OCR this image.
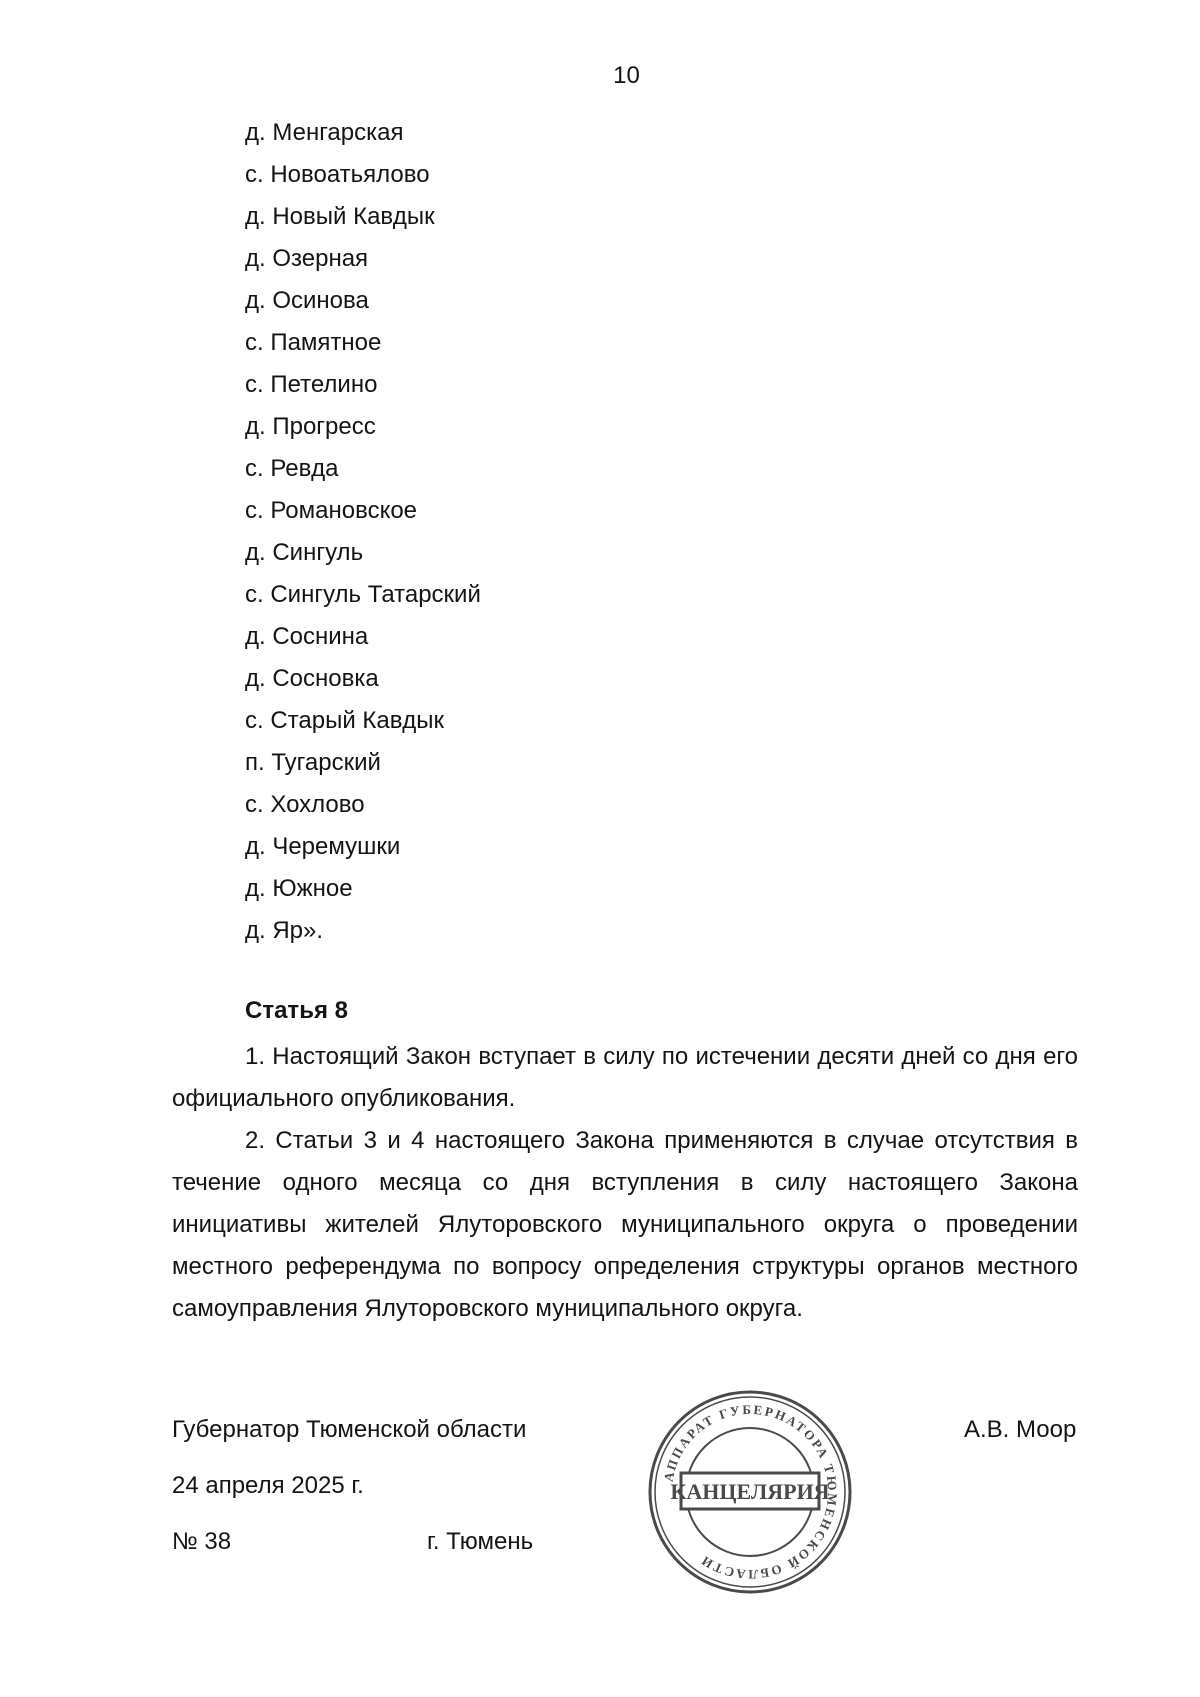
10
д. Менгарская
с. Новоатьялово
д. Новый Кавдык
д. Озерная
д. Осинова
с. Памятное
с. Петелино
д. Прогресс
с. Ревда
с. Романовское
д. Сингуль
с. Сингуль Татарский
д. Соснина
д. Сосновка
с. Старый Кавдык
п. Тугарский
с. Хохлово
д. Черемушки
д. Южное
д. Яр».
Статья 8

1. Настоящий Закон вступает в силу по истечении десяти дней со дня его официального опубликования.

2. Статьи 3 и 4 настоящего Закона применяются в случае отсутствия в течение одного месяца со дня вступления в силу настоящего Закона инициативы жителей Ялуторовского муниципального округа о проведении местного референдума по вопросу определения структуры органов местного самоуправления Ялуторовского муниципального округа.

Губернатор Тюменской области	А.В. Моор
24 апреля 2025 г.
№ 38	г. Тюмень
АППАРАТ ГУБЕРНАТОРА ТЮМЕНСКОЙ ОБЛАСТИ
КАНЦЕЛЯРИЯ
